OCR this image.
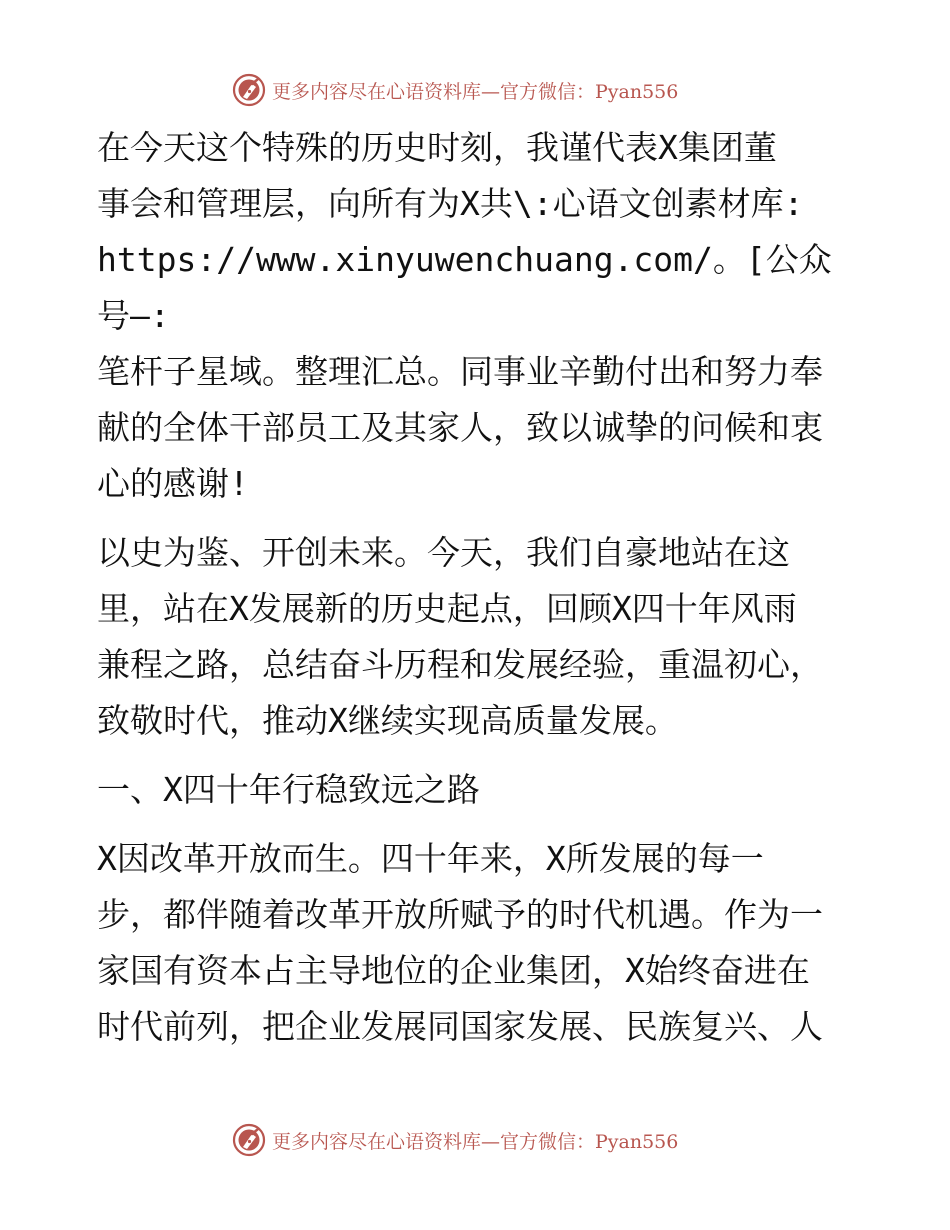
更多内容尽在心语资料库—官方微信：Pyan556

在今天这个特殊的历史时刻，我谨代表X集团董
事会和管理层，向所有为X共\:心语文创素材库:
https://www.xinyuwenchuang.com/。[公众号—:
笔杆子星域。整理汇总。同事业辛勤付出和努力奉
献的全体干部员工及其家人，致以诚挚的问候和衷
心的感谢!

以史为鉴、开创未来。今天，我们自豪地站在这
里，站在X发展新的历史起点，回顾X四十年风雨
兼程之路，总结奋斗历程和发展经验，重温初心，
致敬时代，推动X继续实现高质量发展。

一、X四十年行稳致远之路

X因改革开放而生。四十年来，X所发展的每一
步，都伴随着改革开放所赋予的时代机遇。作为一
家国有资本占主导地位的企业集团，X始终奋进在
时代前列，把企业发展同国家发展、民族复兴、人

更多内容尽在心语资料库—官方微信：Pyan556
